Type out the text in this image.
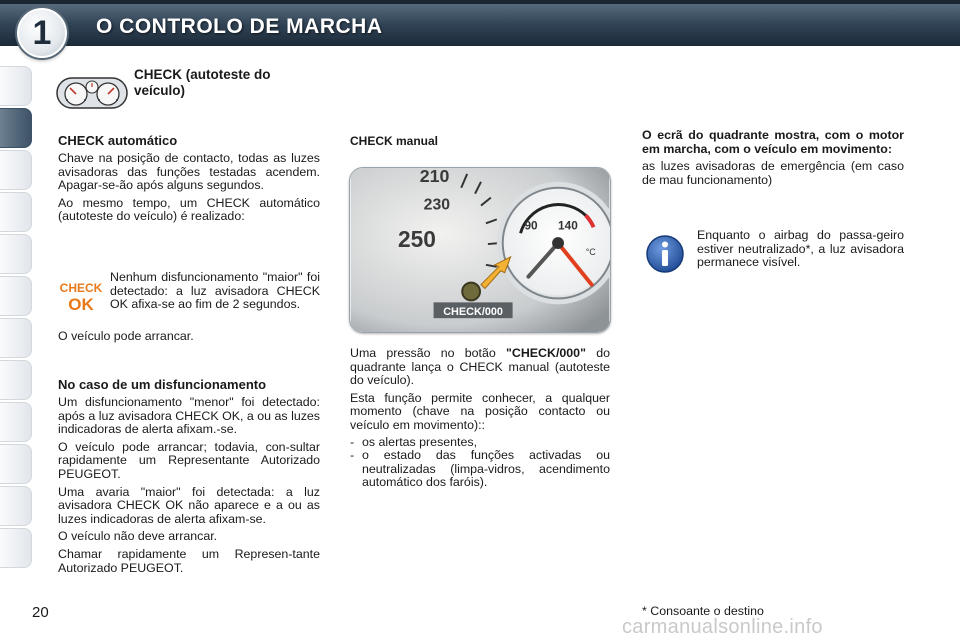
1	O CONTROLO DE MARCHA
CHECK (autoteste do veículo)
CHECK automático
Chave na posição de contacto, todas as luzes avisadoras das funções testadas acendem. Apagar-se-ão após alguns segundos.
Ao mesmo tempo, um CHECK automático (autoteste do veículo) é realizado:
CHECK
OK
Nenhum disfuncionamento "maior" foi detectado: a luz avisadora CHECK OK afixa-se ao fim de 2 segundos.
O veículo pode arrancar.
No caso de um disfuncionamento
Um disfuncionamento "menor" foi detectado: após a luz avisadora CHECK OK, a ou as luzes indicadoras de alerta afixam.-se.
O veículo pode arrancar; todavia, con-sultar rapidamente um Representante Autorizado PEUGEOT.
Uma avaria "maior" foi detectada: a luz avisadora CHECK OK não aparece e a ou as luzes indicadoras de alerta afixam-se.
O veículo não deve arrancar.
Chamar rapidamente um Represen-tante Autorizado PEUGEOT.
CHECK manual
210
230
250
90 140
°C
CHECK/000
Uma pressão no botão "CHECK/000" do quadrante lança o CHECK manual (autoteste do veículo).
Esta função permite conhecer, a qualquer momento (chave na posição contacto ou veículo em movimento)::
- os alertas presentes,
- o estado das funções activadas ou neutralizadas (limpa-vidros, acendimento automático dos faróis).
O ecrã do quadrante mostra, com o motor em marcha, com o veículo em movimento:
as luzes avisadoras de emergência (em caso de mau funcionamento)
Enquanto o airbag do passa-geiro estiver neutralizado*, a luz avisadora permanece visível.
* Consoante o destino
20
carmanualsonline.info
